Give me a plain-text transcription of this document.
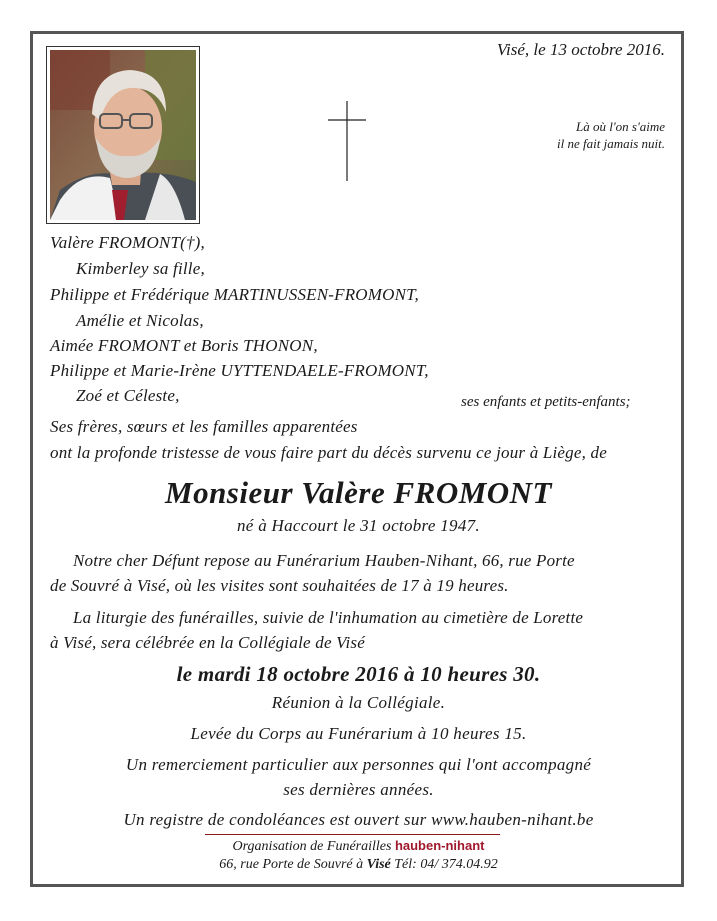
Visé, le 13 octobre 2016.
Là où l'on s'aime
il ne fait jamais nuit.
Valère FROMONT(†),
Kimberley sa fille,
Philippe et Frédérique MARTINUSSEN-FROMONT,
Amélie et Nicolas,
Aimée FROMONT et Boris THONON,
Philippe et Marie-Irène UYTTENDAELE-FROMONT,
Zoé et Céleste,	ses enfants et petits-enfants;
Ses frères, sœurs et les familles apparentées
ont la profonde tristesse de vous faire part du décès survenu ce jour à Liège, de
Monsieur Valère FROMONT
né à Haccourt le 31 octobre 1947.
Notre cher Défunt repose au Funérarium Hauben-Nihant, 66, rue Porte
de Souvré à Visé, où les visites sont souhaitées de 17 à 19 heures.
La liturgie des funérailles, suivie de l'inhumation au cimetière de Lorette
à Visé, sera célébrée en la Collégiale de Visé
le mardi 18 octobre 2016 à 10 heures 30.
Réunion à la Collégiale.
Levée du Corps au Funérarium à 10 heures 15.
Un remerciement particulier aux personnes qui l'ont accompagné
ses dernières années.
Un registre de condoléances est ouvert sur www.hauben-nihant.be
Organisation de Funérailles hauben-nihant
66, rue Porte de Souvré à Visé Tél: 04/ 374.04.92
